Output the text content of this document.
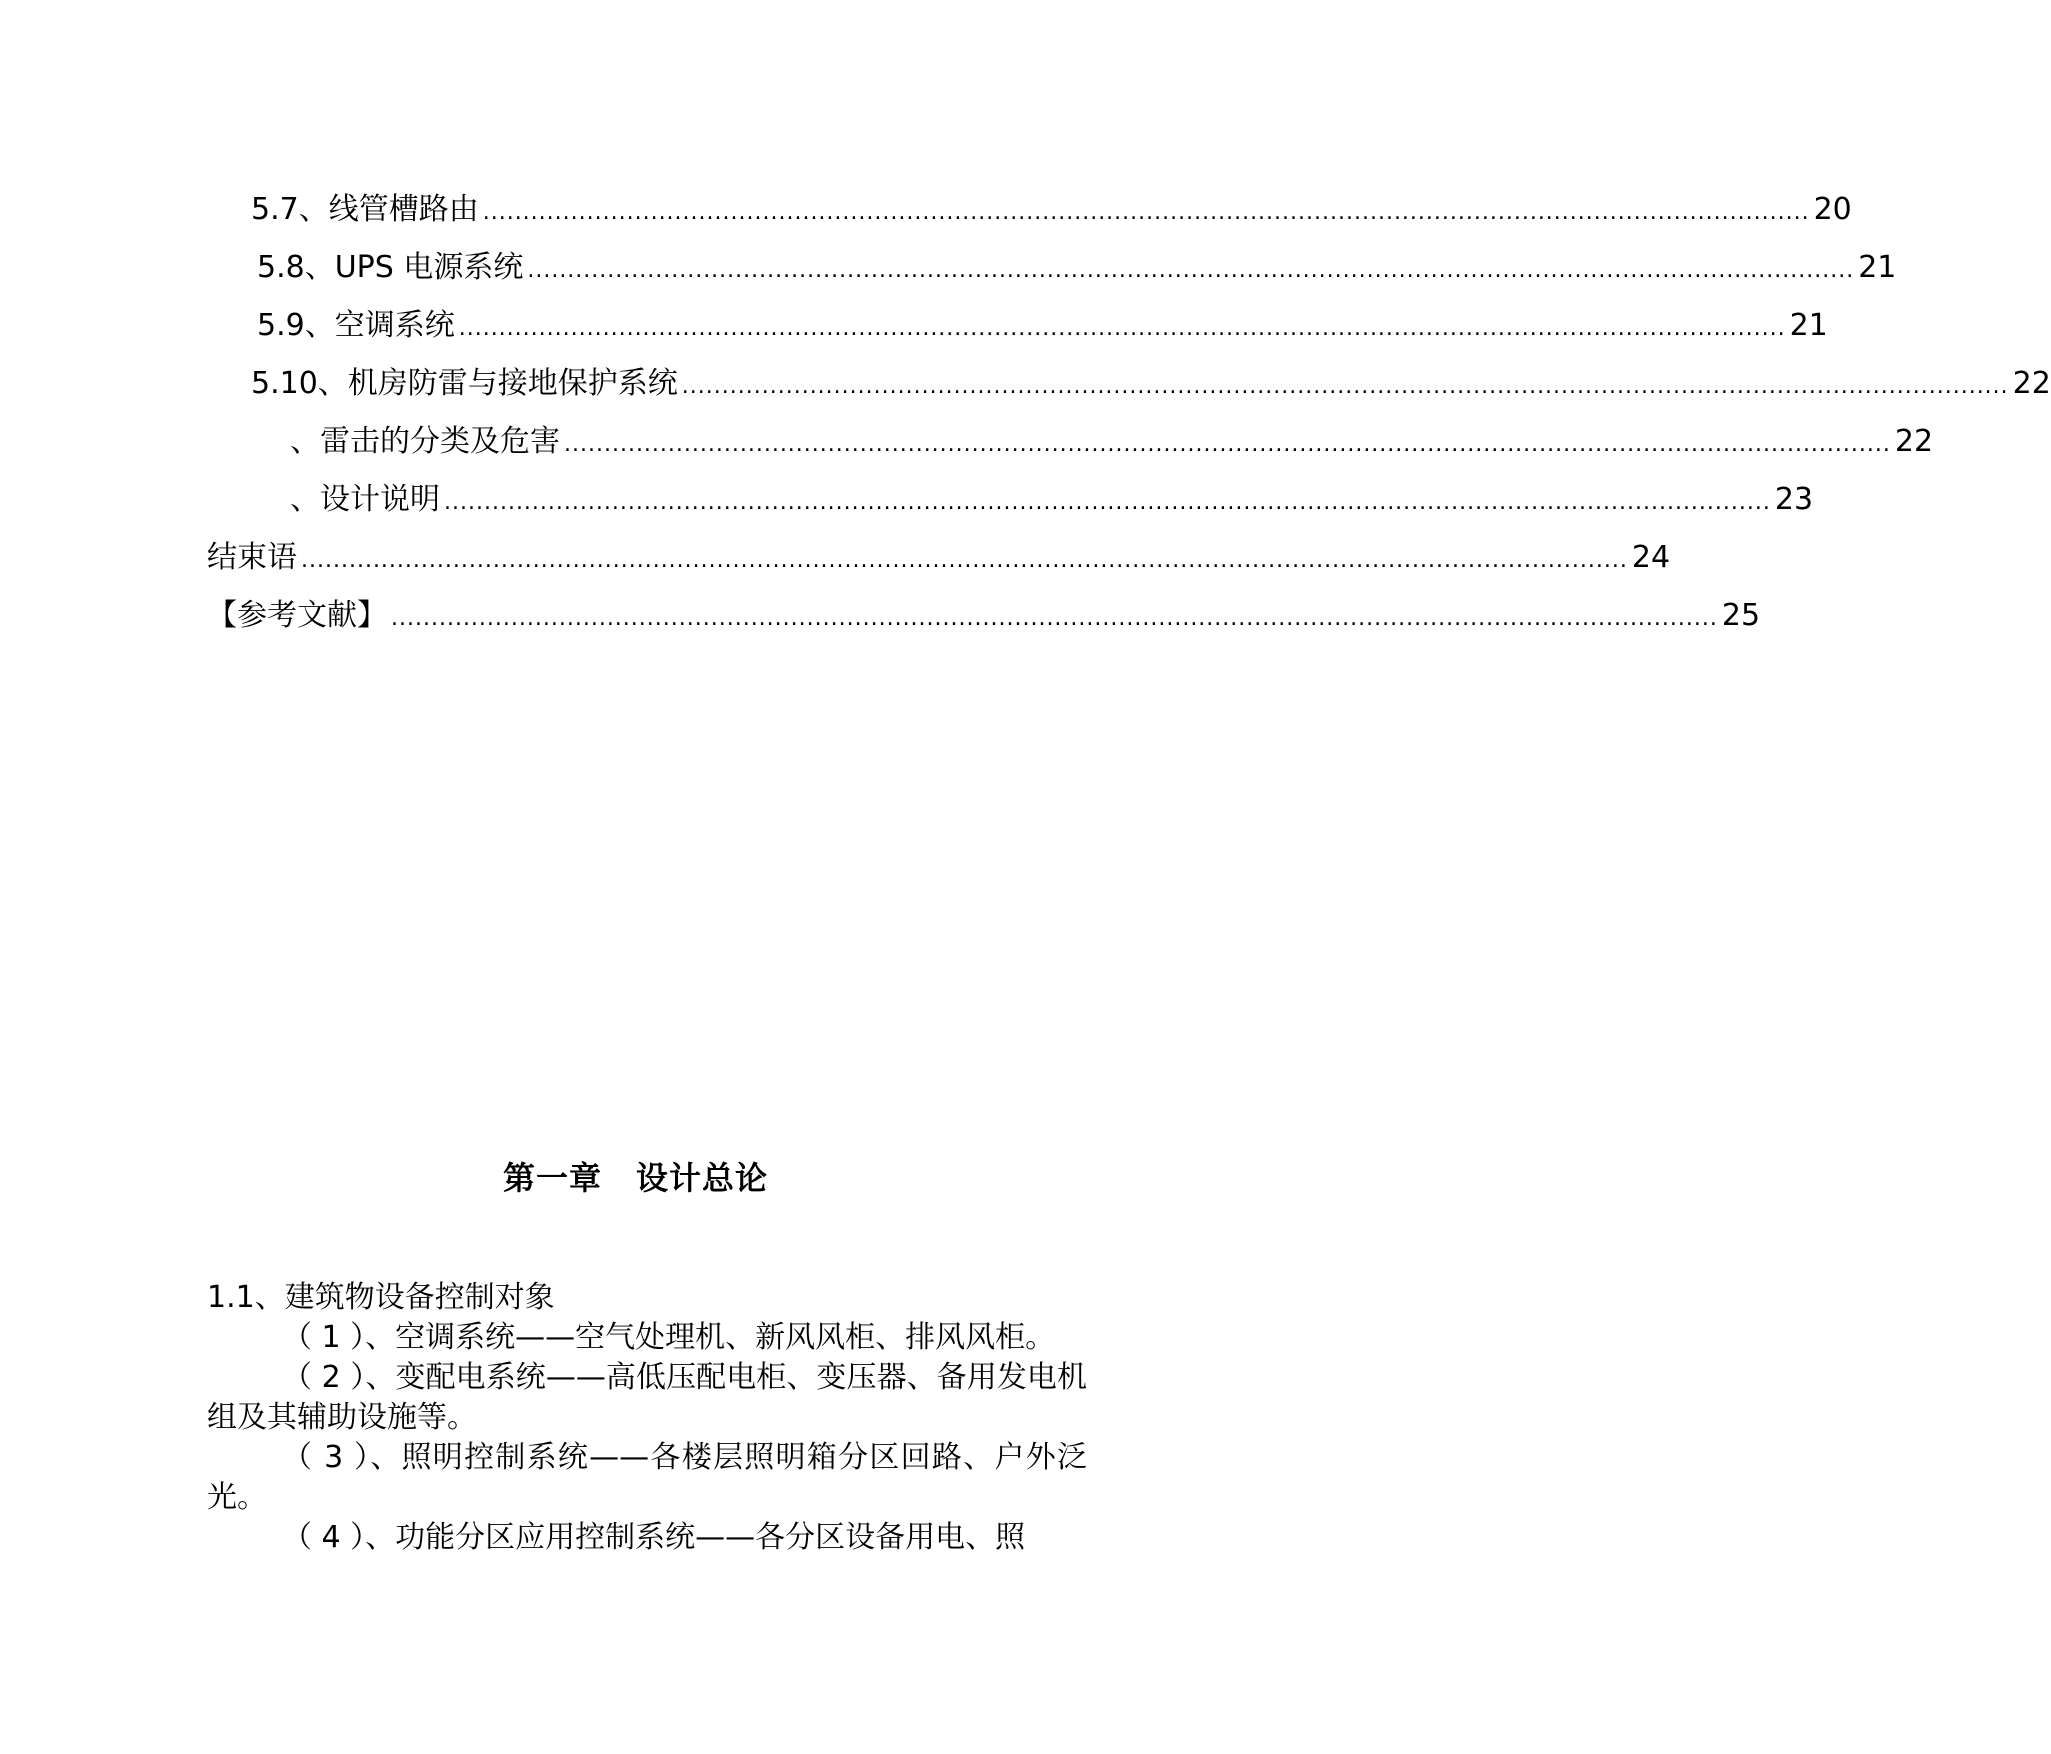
5.7、线管槽路由 ...................................................................................................................................................................... 20
5.8、UPS 电源系统 ...................................................................................................................................................................... 21
5.9、空调系统 ...................................................................................................................................................................... 21
5.10、机房防雷与接地保护系统 ...................................................................................................................................................................... 22
、雷击的分类及危害 ...................................................................................................................................................................... 22
、设计说明 ...................................................................................................................................................................... 23
结束语 ...................................................................................................................................................................... 24
【参考文献】 ...................................................................................................................................................................... 25
第一章 设计总论
1.1、建筑物设备控制对象
（ 1 ）、空调系统——空气处理机、新风风柜、排风风柜。
（ 2 ）、变配电系统——高低压配电柜、变压器、备用发电机组及其辅助设施等。
（ 3 ）、照明控制系统——各楼层照明箱分区回路、户外泛光。
（ 4 ）、功能分区应用控制系统——各分区设备用电、照
